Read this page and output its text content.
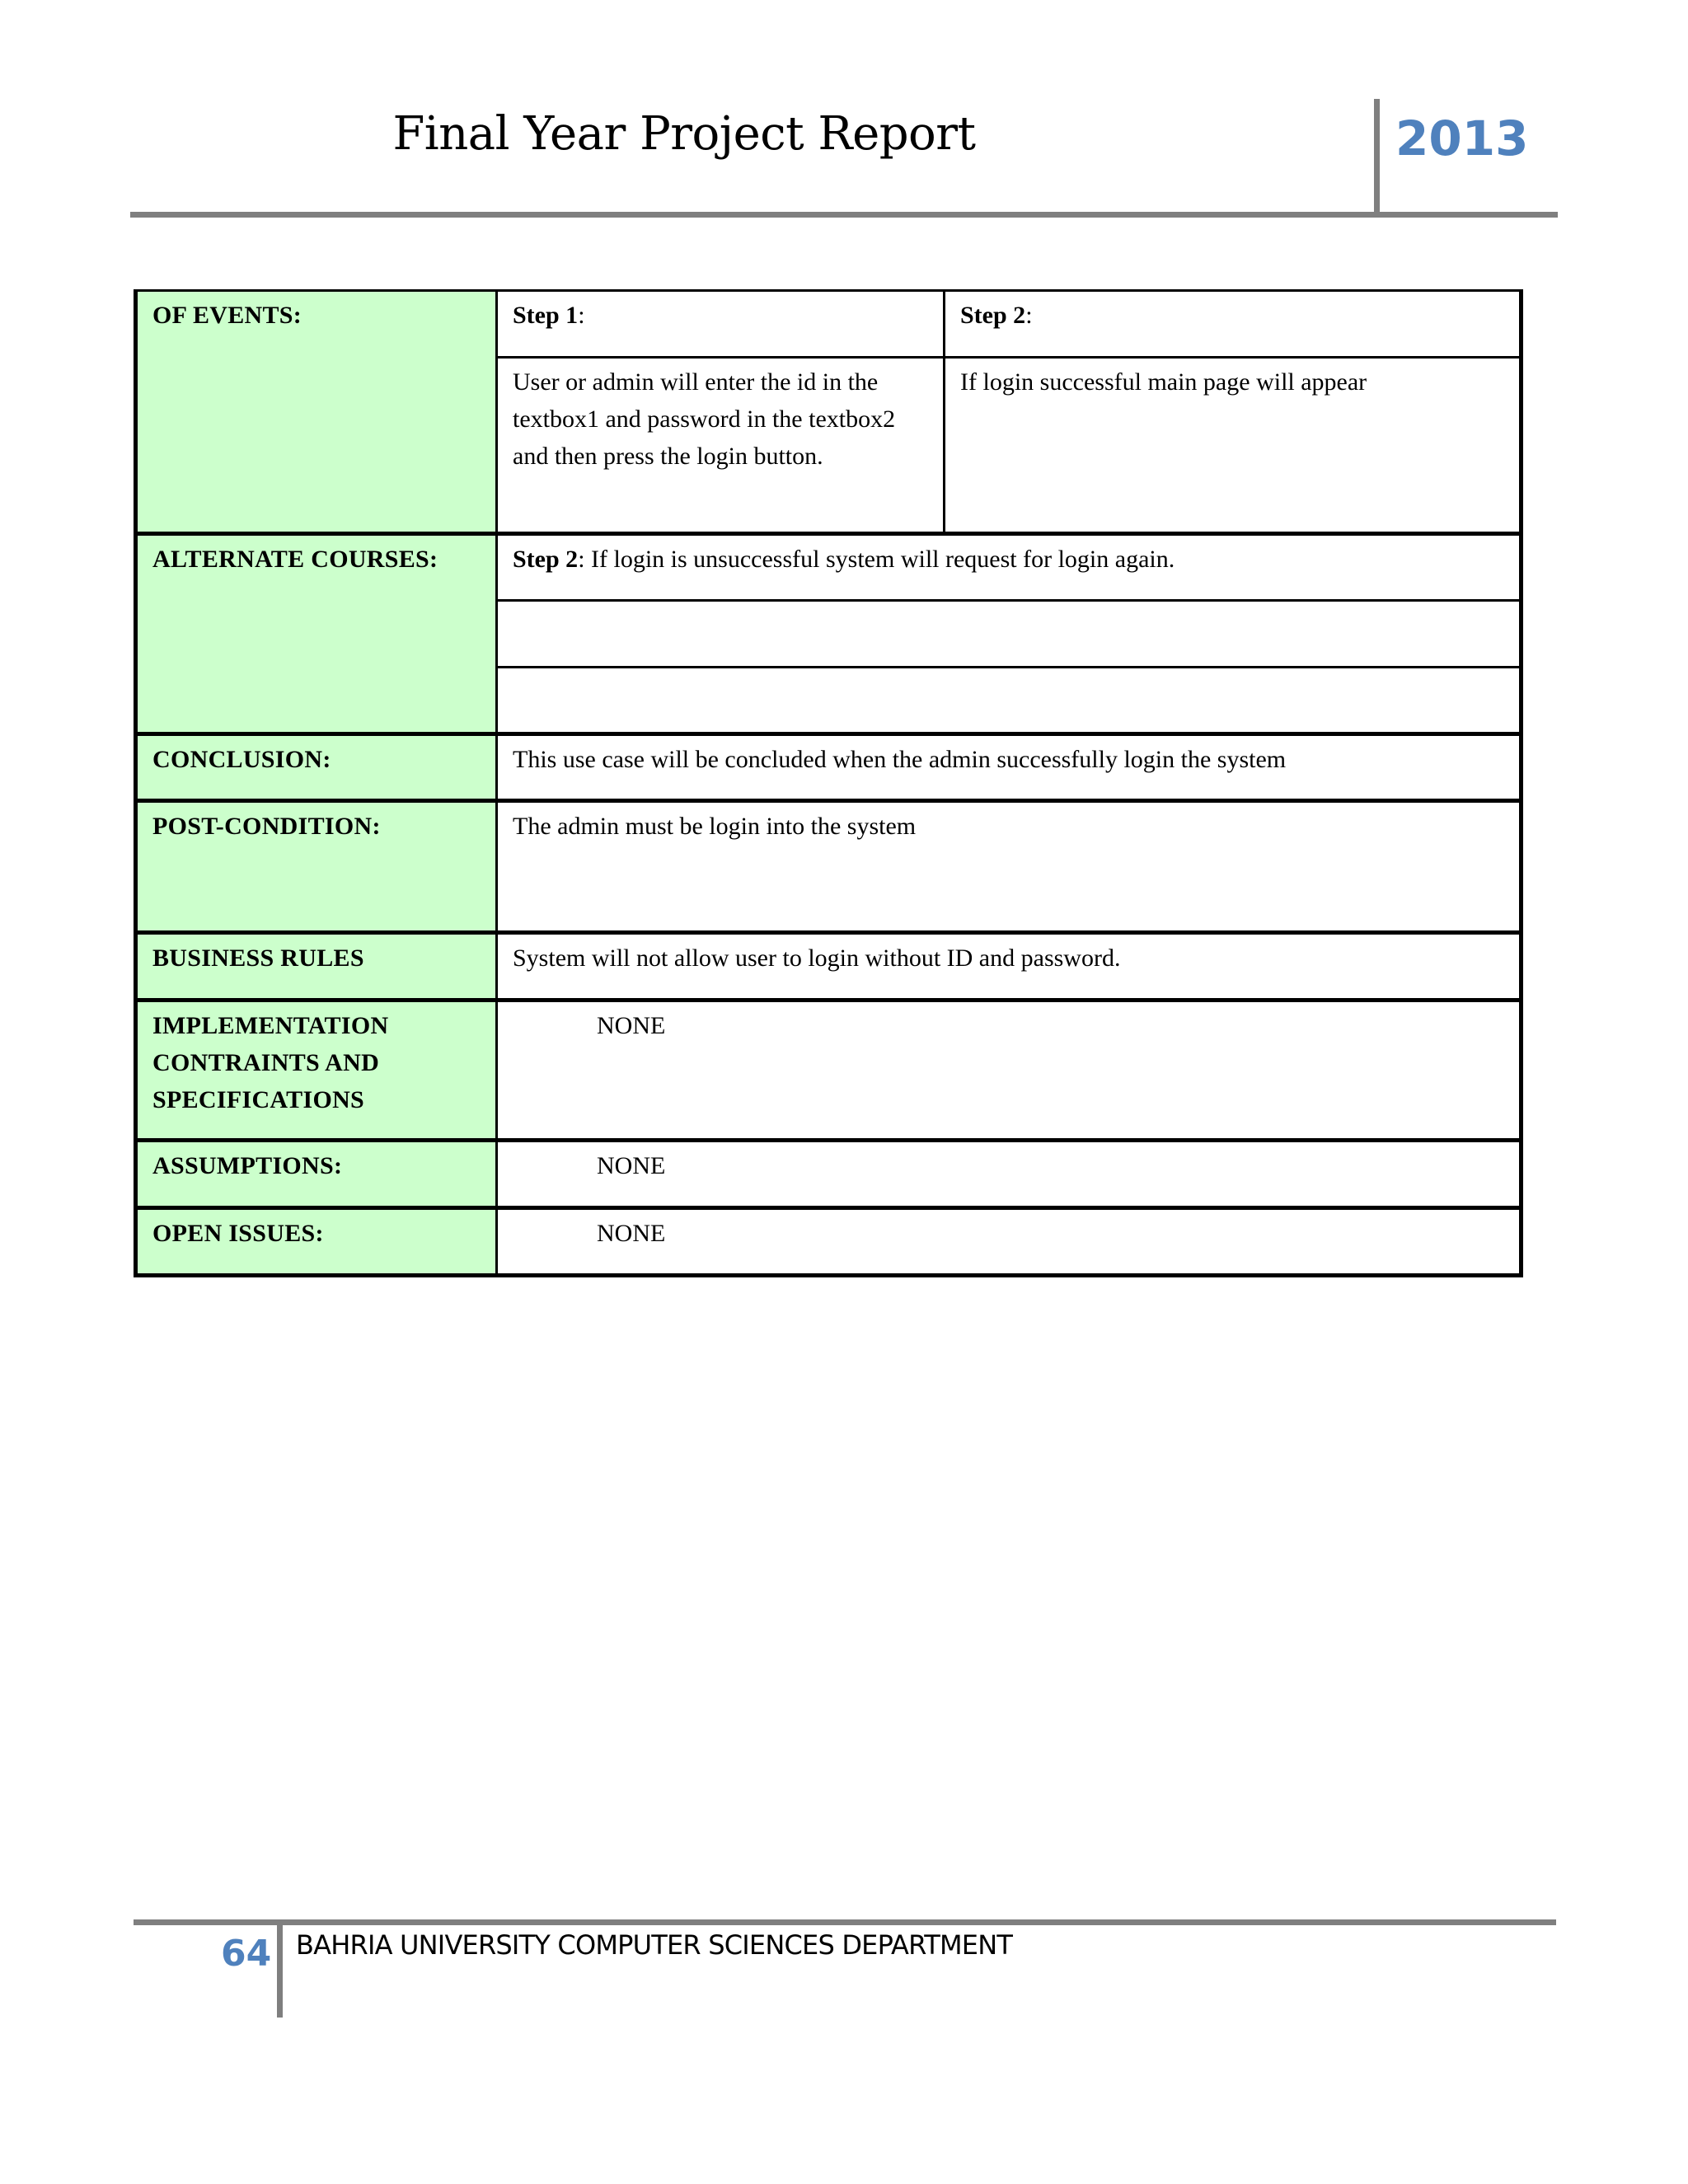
Final Year Project Report	2013
OF EVENTS:	Step 1:	Step 2:
	User or admin will enter the id in the textbox1 and password in the textbox2 and then press the login button.	If login successful main page will appear
ALTERNATE COURSES:	Step 2: If login is unsuccessful system will request for login again.	

CONCLUSION:	This use case will be concluded when the admin successfully login the system	
POST-CONDITION:	The admin must be login into the system	
BUSINESS RULES	System will not allow user to login without ID and password.	
IMPLEMENTATION CONTRAINTS AND SPECIFICATIONS	NONE	
ASSUMPTIONS:	NONE	
OPEN ISSUES:	NONE	
64 BAHRIA UNIVERSITY COMPUTER SCIENCES DEPARTMENT
